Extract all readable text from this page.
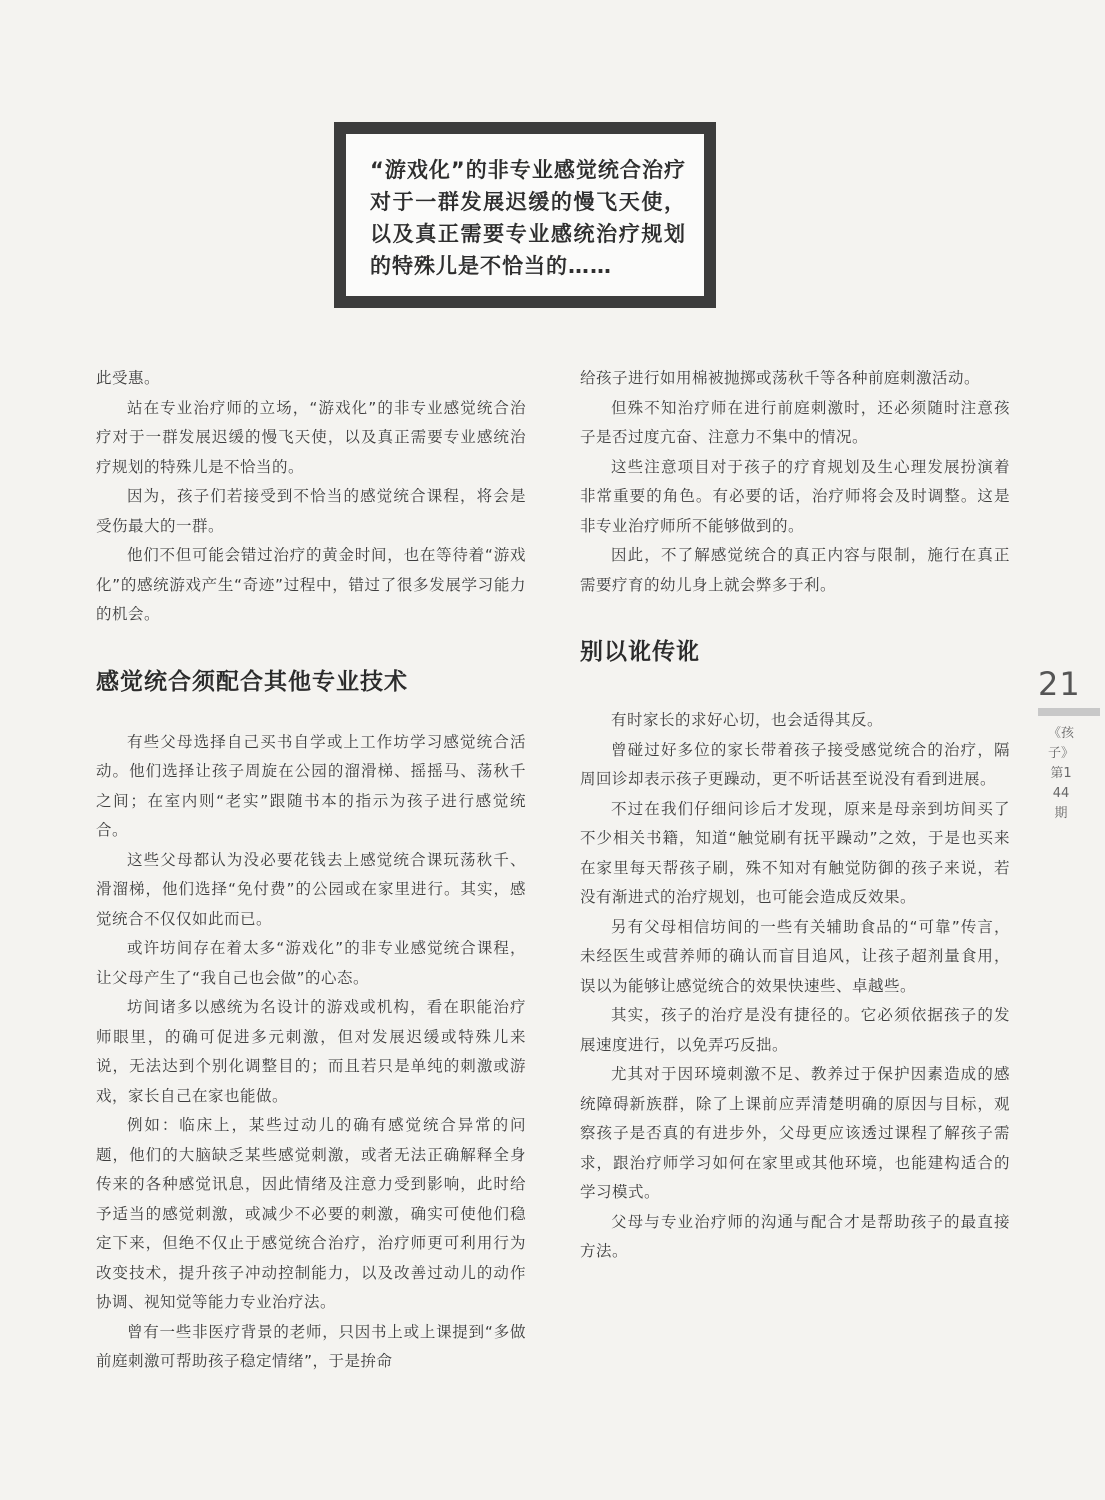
“游戏化”的非专业感觉统合治疗对于一群发展迟缓的慢飞天使，以及真正需要专业感统治疗规划的特殊儿是不恰当的……

此受惠。

站在专业治疗师的立场，“游戏化”的非专业感觉统合治疗对于一群发展迟缓的慢飞天使，以及真正需要专业感统治疗规划的特殊儿是不恰当的。

因为，孩子们若接受到不恰当的感觉统合课程，将会是受伤最大的一群。

他们不但可能会错过治疗的黄金时间，也在等待着“游戏化”的感统游戏产生“奇迹”过程中，错过了很多发展学习能力的机会。

感觉统合须配合其他专业技术

有些父母选择自己买书自学或上工作坊学习感觉统合活动。他们选择让孩子周旋在公园的溜滑梯、摇摇马、荡秋千之间；在室内则“老实”跟随书本的指示为孩子进行感觉统合。

这些父母都认为没必要花钱去上感觉统合课玩荡秋千、滑溜梯，他们选择“免付费”的公园或在家里进行。其实，感觉统合不仅仅如此而已。

或许坊间存在着太多“游戏化”的非专业感觉统合课程，让父母产生了“我自己也会做”的心态。

坊间诸多以感统为名设计的游戏或机构，看在职能治疗师眼里，的确可促进多元刺激，但对发展迟缓或特殊儿来说，无法达到个别化调整目的；而且若只是单纯的刺激或游戏，家长自己在家也能做。

例如：临床上，某些过动儿的确有感觉统合异常的问题，他们的大脑缺乏某些感觉刺激，或者无法正确解释全身传来的各种感觉讯息，因此情绪及注意力受到影响，此时给予适当的感觉刺激，或减少不必要的刺激，确实可使他们稳定下来，但绝不仅止于感觉统合治疗，治疗师更可利用行为改变技术，提升孩子冲动控制能力，以及改善过动儿的动作协调、视知觉等能力专业治疗法。

曾有一些非医疗背景的老师，只因书上或上课提到“多做前庭刺激可帮助孩子稳定情绪”，于是拚命

给孩子进行如用棉被抛掷或荡秋千等各种前庭刺激活动。

但殊不知治疗师在进行前庭刺激时，还必须随时注意孩子是否过度亢奋、注意力不集中的情况。

这些注意项目对于孩子的疗育规划及生心理发展扮演着非常重要的角色。有必要的话，治疗师将会及时调整。这是非专业治疗师所不能够做到的。

因此，不了解感觉统合的真正内容与限制，施行在真正需要疗育的幼儿身上就会弊多于利。

别以讹传讹

有时家长的求好心切，也会适得其反。

曾碰过好多位的家长带着孩子接受感觉统合的治疗，隔周回诊却表示孩子更躁动，更不听话甚至说没有看到进展。

不过在我们仔细问诊后才发现，原来是母亲到坊间买了不少相关书籍，知道“触觉刷有抚平躁动”之效，于是也买来在家里每天帮孩子刷，殊不知对有触觉防御的孩子来说，若没有渐进式的治疗规划，也可能会造成反效果。

另有父母相信坊间的一些有关辅助食品的“可靠”传言，未经医生或营养师的确认而盲目追风，让孩子超剂量食用，误以为能够让感觉统合的效果快速些、卓越些。

其实，孩子的治疗是没有捷径的。它必须依据孩子的发展速度进行，以免弄巧反拙。

尤其对于因环境刺激不足、教养过于保护因素造成的感统障碍新族群，除了上课前应弄清楚明确的原因与目标，观察孩子是否真的有进步外，父母更应该透过课程了解孩子需求，跟治疗师学习如何在家里或其他环境，也能建构适合的学习模式。

父母与专业治疗师的沟通与配合才是帮助孩子的最直接方法。

21
《孩子》第144期
